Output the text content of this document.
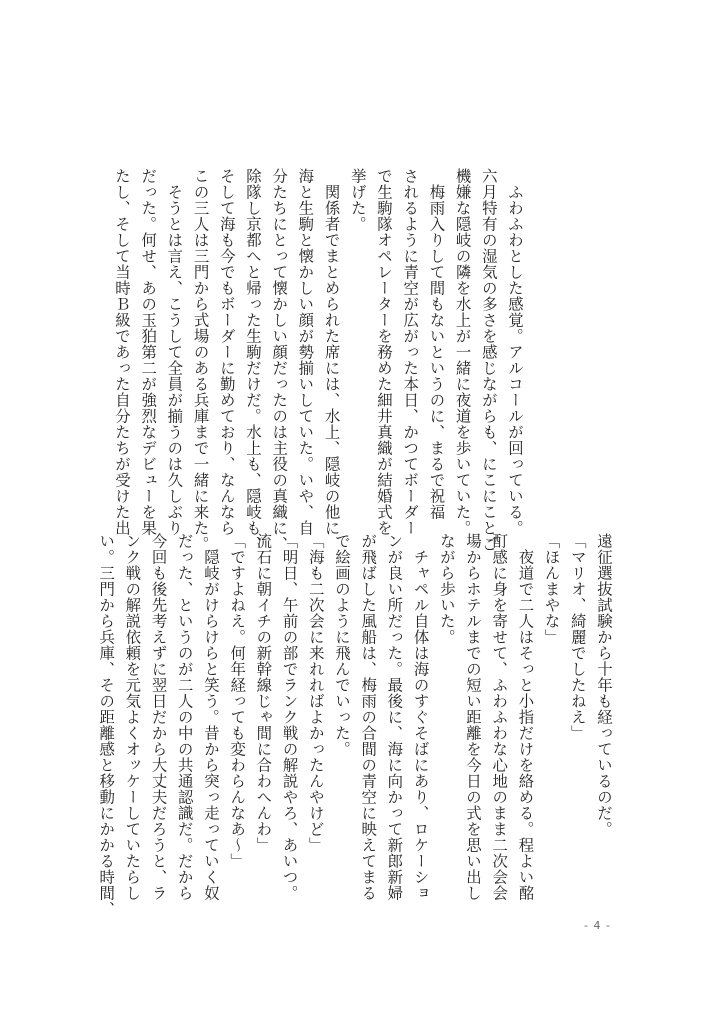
　ふわふわとした感覚。アルコールが回っている。
六月特有の湿気の多さを感じながらも、にこにことご
機嫌な隠岐の隣を水上が一緒に夜道を歩いていた。
　梅雨入りして間もないというのに、まるで祝福
されるように青空が広がった本日、かつてボーダー
で生駒隊オペレーターを務めた細井真織が結婚式を
挙げた。
　関係者でまとめられた席には、水上、隠岐の他に
海と生駒と懐かしい顔が勢揃いしていた。いや、自
分たちにとって懐かしい顔だったのは主役の真織に、
除隊し京都へと帰った生駒だけだ。水上も、隠岐も、
そして海も今でもボーダーに勤めており、なんなら
この三人は三門から式場のある兵庫まで一緒に来た。
　そうとは言え、こうして全員が揃うのは久しぶり
だった。何せ、あの玉狛第二が強烈なデビューを果
たし、そして当時Ｂ級であった自分たちが受けた出
遠征選抜試験から十年も経っているのだ。
「マリオ、綺麗でしたねえ」
「ほんまやな」
　夜道で二人はそっと小指だけを絡める。程よい酩
酊感に身を寄せて、ふわふわな心地のまま二次会会
場からホテルまでの短い距離を今日の式を思い出し
ながら歩いた。
　チャペル自体は海のすぐそばにあり、ロケーショ
ンが良い所だった。最後に、海に向かって新郎新婦
が飛ばした風船は、梅雨の合間の青空に映えてまる
で絵画のように飛んでいった。
「海も二次会に来れればよかったんやけど」
「明日、午前の部でランク戦の解説やろ、あいつ。
流石に朝イチの新幹線じゃ間に合わへんわ」
「ですよねえ。何年経っても変わらんなあ～」
　隠岐がけらけらと笑う。昔から突っ走っていく奴
だった、というのが二人の中の共通認識だ。だから
今回も後先考えずに翌日だから大丈夫だろうと、ラ
ンク戦の解説依頼を元気よくオッケーしていたらし
い。三門から兵庫、その距離感と移動にかかる時間、
- 4 -
